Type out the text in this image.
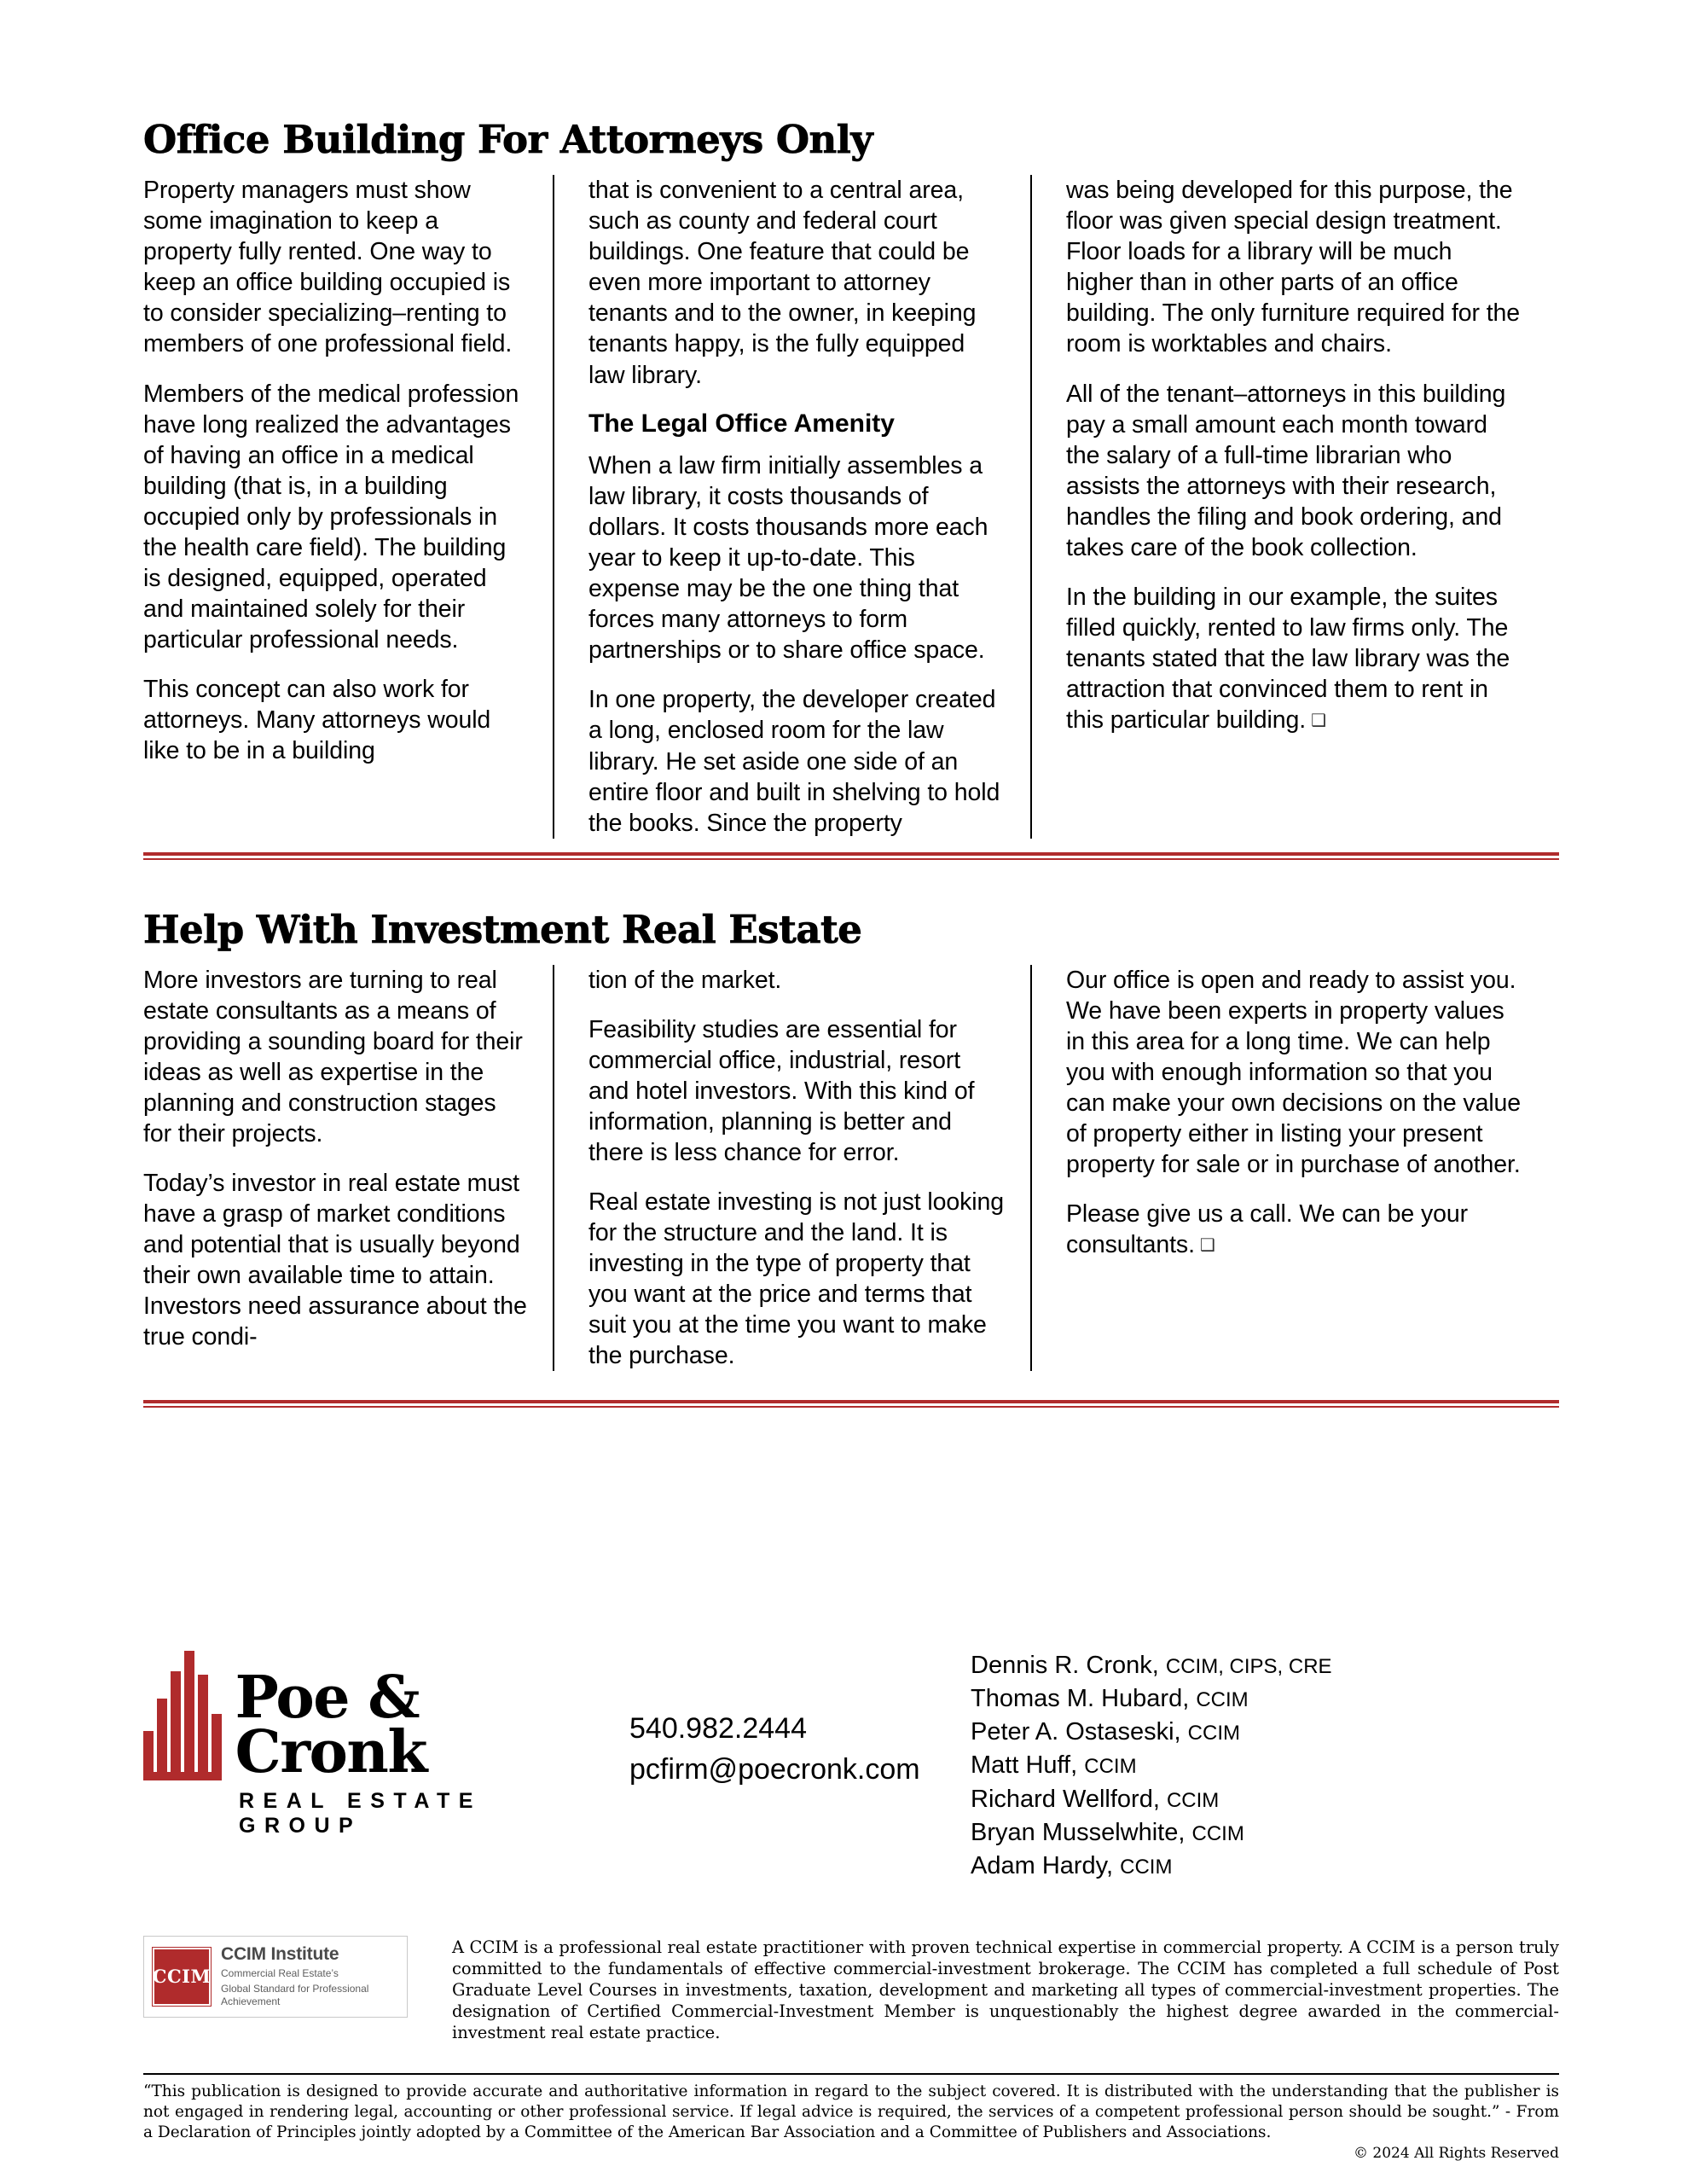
Office Building For Attorneys Only

Property managers must show some imagination to keep a property fully rented. One way to keep an office building occupied is to consider specializing–renting to members of one professional field.

Members of the medical profession have long realized the advantages of having an office in a medical building (that is, in a building occupied only by professionals in the health care field). The building is designed, equipped, operated and maintained solely for their particular professional needs.

This concept can also work for attorneys. Many attorneys would like to be in a building

that is convenient to a central area, such as county and federal court buildings. One feature that could be even more important to attorney tenants and to the owner, in keeping tenants happy, is the fully equipped law library.

The Legal Office Amenity

When a law firm initially assembles a law library, it costs thousands of dollars. It costs thousands more each year to keep it up-to-date. This expense may be the one thing that forces many attorneys to form partnerships or to share office space.

In one property, the developer created a long, enclosed room for the law library. He set aside one side of an entire floor and built in shelving to hold the books. Since the property

was being developed for this purpose, the floor was given special design treatment. Floor loads for a library will be much higher than in other parts of an office building. The only furniture required for the room is worktables and chairs.

All of the tenant–attorneys in this building pay a small amount each month toward the salary of a full-time librarian who assists the attorneys with their research, handles the filing and book ordering, and takes care of the book collection.

In the building in our example, the suites filled quickly, rented to law firms only. The tenants stated that the law library was the attraction that convinced them to rent in this particular building. ❑

Help With Investment Real Estate

More investors are turning to real estate consultants as a means of providing a sounding board for their ideas as well as expertise in the planning and construction stages for their projects.

Today’s investor in real estate must have a grasp of market conditions and potential that is usually beyond their own available time to attain. Investors need assurance about the true condi-

tion of the market.

Feasibility studies are essential for commercial office, industrial, resort and hotel investors. With this kind of information, planning is better and there is less chance for error.

Real estate investing is not just looking for the structure and the land. It is investing in the type of property that you want at the price and terms that suit you at the time you want to make the purchase.

Our office is open and ready to assist you. We have been experts in property values in this area for a long time. We can help you with enough information so that you can make your own decisions on the value of property either in listing your present property for sale or in purchase of another.

Please give us a call. We can be your consultants. ❑

Poe & Cronk
REAL ESTATE GROUP
540.982.2444
pcfirm@poecronk.com
Dennis R. Cronk, CCIM, CIPS, CRE
Thomas M. Hubard, CCIM
Peter A. Ostaseski, CCIM
Matt Huff, CCIM
Richard Wellford, CCIM
Bryan Musselwhite, CCIM
Adam Hardy, CCIM
CCIM
CCIM Institute
Commercial Real Estate’s
Global Standard for Professional Achievement
A CCIM is a professional real estate practitioner with proven technical expertise in commercial property. A CCIM is a person truly committed to the fundamentals of effective commercial-investment brokerage. The CCIM has completed a full schedule of Post Graduate Level Courses in investments, taxation, development and marketing all types of commercial-investment properties. The designation of Certified Commercial-Investment Member is unquestionably the highest degree awarded in the commercial-investment real estate practice.
“This publication is designed to provide accurate and authoritative information in regard to the subject covered. It is distributed with the understanding that the publisher is not engaged in rendering legal, accounting or other professional service. If legal advice is required, the services of a competent professional person should be sought.” - From a Declaration of Principles jointly adopted by a Committee of the American Bar Association and a Committee of Publishers and Associations.
© 2024 All Rights Reserved
